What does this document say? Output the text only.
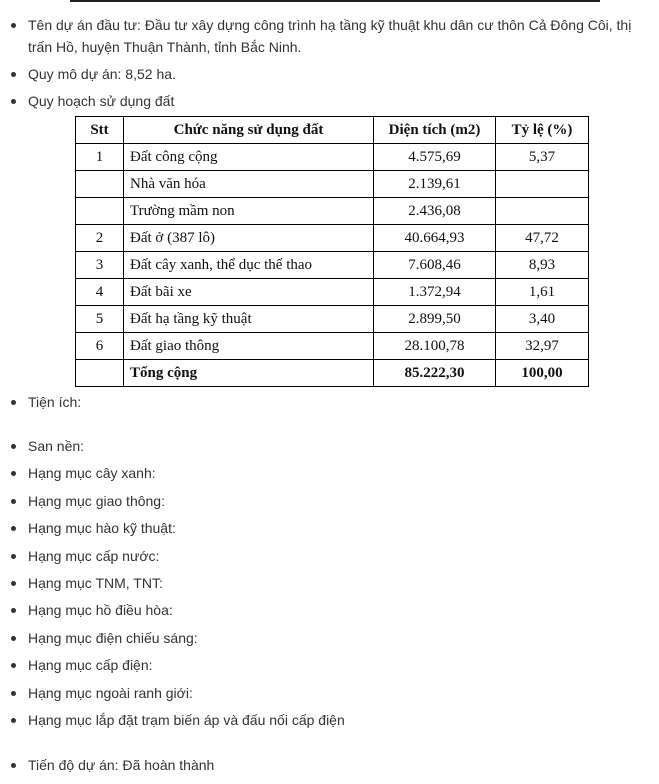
Tên dự án đầu tư: Đầu tư xây dựng công trình hạ tầng kỹ thuật khu dân cư thôn Cả Đông Côi, thị trấn Hồ, huyện Thuận Thành, tỉnh Bắc Ninh.
Quy mô dự án: 8,52 ha.
Quy hoạch sử dụng đất
Stt	Chức năng sử dụng đất	Diện tích (m2)	Tỷ lệ (%)
1	Đất công cộng	4.575,69	5,37
	Nhà văn hóa	2.139,61	
	Trường mầm non	2.436,08	
2	Đất ở (387 lô)	40.664,93	47,72
3	Đất cây xanh, thể dục thể thao	7.608,46	8,93
4	Đất bãi xe	1.372,94	1,61
5	Đất hạ tầng kỹ thuật	2.899,50	3,40
6	Đất giao thông	28.100,78	32,97
	Tổng cộng	85.222,30	100,00
Tiện ích:
San nền:
Hạng mục cây xanh:
Hạng mục giao thông:
Hạng mục hào kỹ thuật:
Hạng mục cấp nước:
Hạng mục TNM, TNT:
Hạng mục hồ điều hòa:
Hạng mục điện chiếu sáng:
Hạng mục cấp điện:
Hạng mục ngoài ranh giới:
Hạng mục lắp đặt trạm biến áp và đấu nối cấp điện
Tiến độ dự án: Đã hoàn thành
